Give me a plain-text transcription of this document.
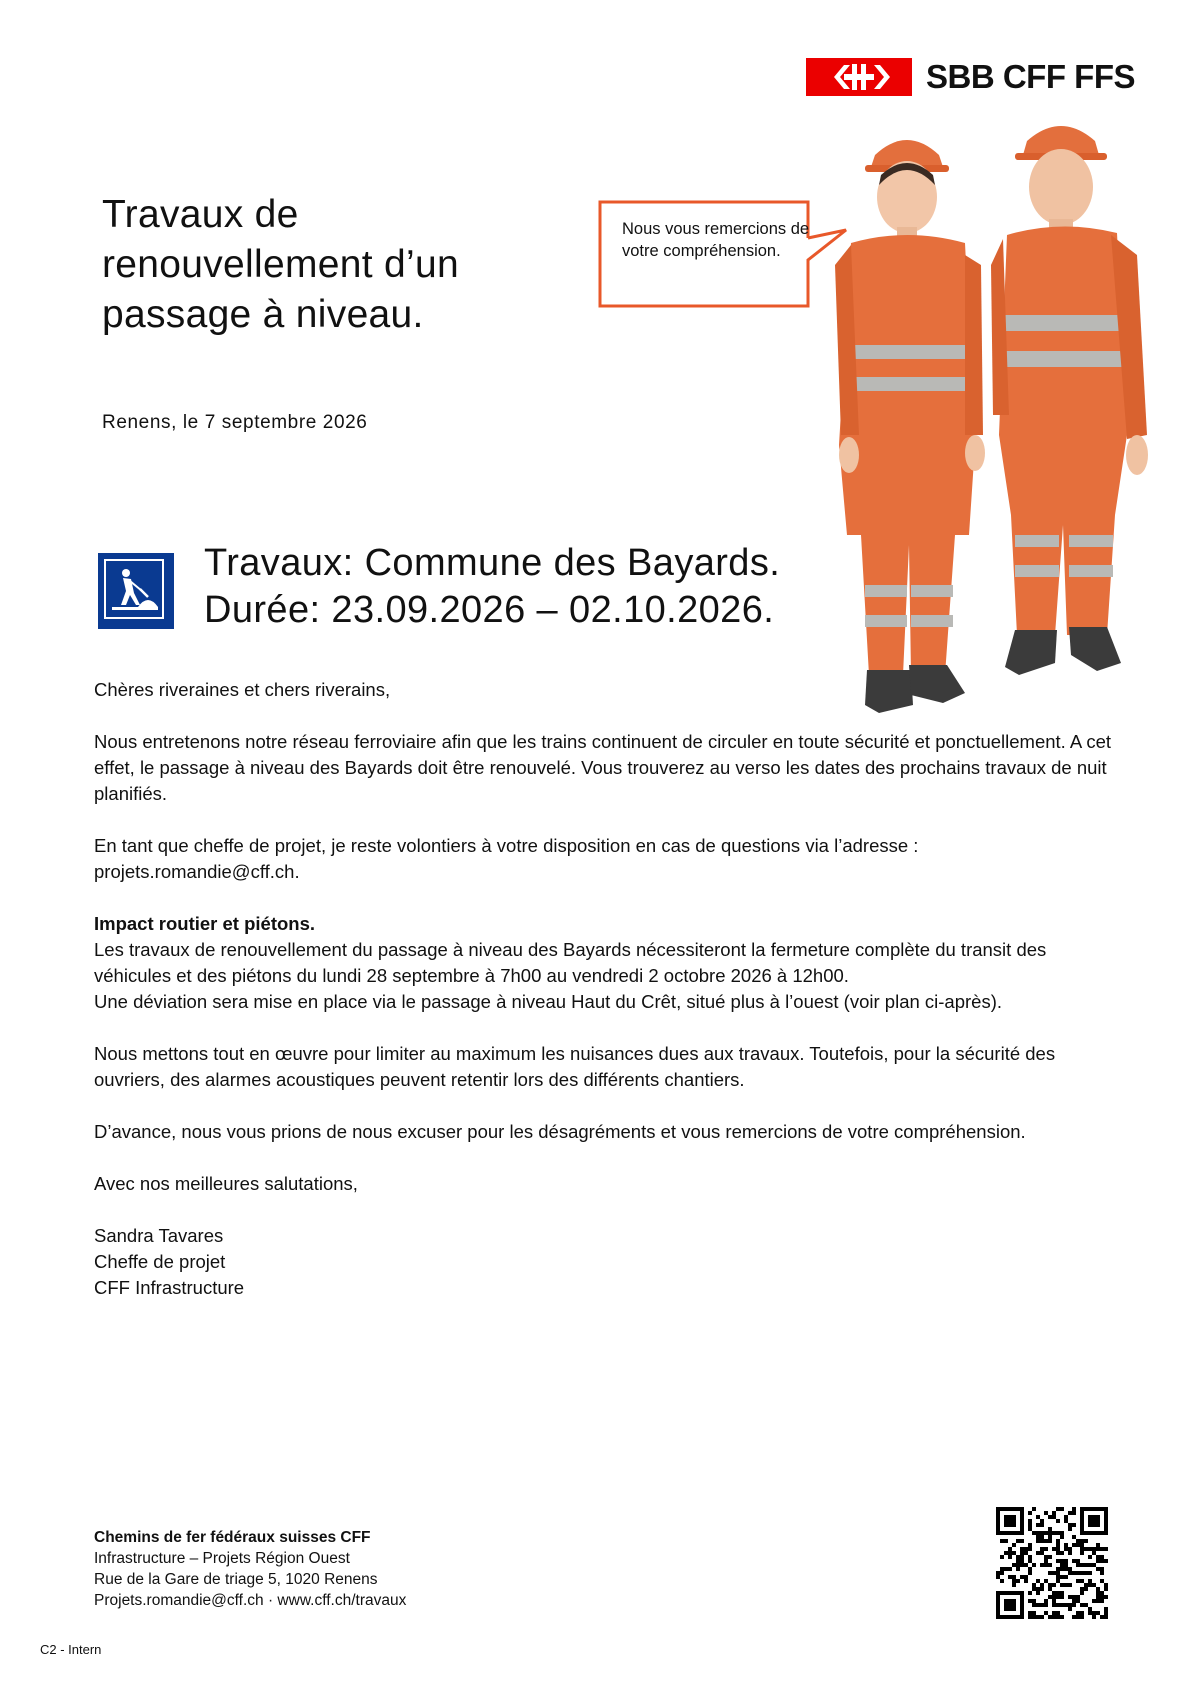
SBB CFF FFS
Travaux de
renouvellement d’un
passage à niveau.
Renens, le 7 septembre 2026
Nous vous remercions de votre compréhension.
Travaux: Commune des Bayards.
Durée: 23.09.2026 – 02.10.2026.

Chères riveraines et chers riverains,

Nous entretenons notre réseau ferroviaire afin que les trains continuent de circuler en toute sécurité et ponctuellement. A cet effet, le passage à niveau des Bayards doit être renouvelé. Vous trouverez au verso les dates des prochains travaux de nuit planifiés.

En tant que cheffe de projet, je reste volontiers à votre disposition en cas de questions via l’adresse : projets.romandie@cff.ch.

Impact routier et piétons.
Les travaux de renouvellement du passage à niveau des Bayards nécessiteront la fermeture complète du transit des véhicules et des piétons du lundi 28 septembre à 7h00 au vendredi 2 octobre 2026 à 12h00.
Une déviation sera mise en place via le passage à niveau Haut du Crêt, situé plus à l’ouest (voir plan ci-après).

Nous mettons tout en œuvre pour limiter au maximum les nuisances dues aux travaux. Toutefois, pour la sécurité des ouvriers, des alarmes acoustiques peuvent retentir lors des différents chantiers.

D’avance, nous vous prions de nous excuser pour les désagréments et vous remercions de votre compréhension.

Avec nos meilleures salutations,

Sandra Tavares
Cheffe de projet
CFF Infrastructure

Chemins de fer fédéraux suisses CFF
Infrastructure – Projets Région Ouest
Rue de la Gare de triage 5, 1020 Renens
Projets.romandie@cff.ch · www.cff.ch/travaux
C2 - Intern
